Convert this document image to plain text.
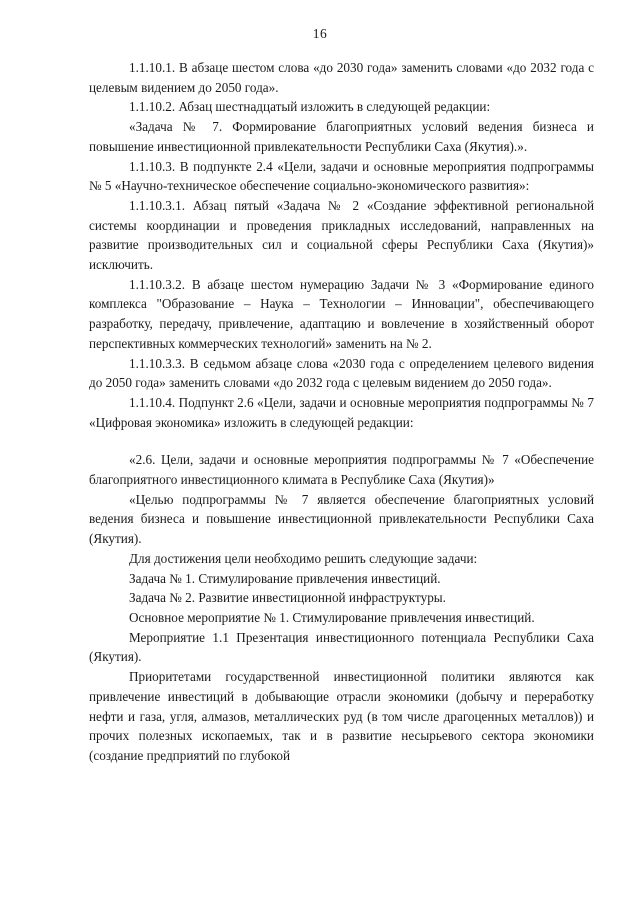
16

1.1.10.1. В абзаце шестом слова «до 2030 года» заменить словами «до 2032 года с целевым видением до 2050 года».

1.1.10.2. Абзац шестнадцатый изложить в следующей редакции:

«Задача № 7. Формирование благоприятных условий ведения бизнеса и повышение инвестиционной привлекательности Республики Саха (Якутия).».

1.1.10.3. В подпункте 2.4 «Цели, задачи и основные мероприятия подпрограммы № 5 «Научно-техническое обеспечение социально-экономического развития»:

1.1.10.3.1. Абзац пятый «Задача № 2 «Создание эффективной региональной системы координации и проведения прикладных исследований, направленных на развитие производительных сил и социальной сферы Республики Саха (Якутия)» исключить.

1.1.10.3.2. В абзаце шестом нумерацию Задачи № 3 «Формирование единого комплекса "Образование – Наука – Технологии – Инновации", обеспечивающего разработку, передачу, привлечение, адаптацию и вовлечение в хозяйственный оборот перспективных коммерческих технологий» заменить на № 2.

1.1.10.3.3. В седьмом абзаце слова «2030 года с определением целевого видения до 2050 года» заменить словами «до 2032 года с целевым видением до 2050 года».

1.1.10.4. Подпункт 2.6 «Цели, задачи и основные мероприятия подпрограммы № 7 «Цифровая экономика» изложить в следующей редакции:

«2.6. Цели, задачи и основные мероприятия подпрограммы № 7 «Обеспечение благоприятного инвестиционного климата в Республике Саха (Якутия)»

«Целью подпрограммы № 7 является обеспечение благоприятных условий ведения бизнеса и повышение инвестиционной привлекательности Республики Саха (Якутия).

Для достижения цели необходимо решить следующие задачи:

Задача № 1. Стимулирование привлечения инвестиций.

Задача № 2. Развитие инвестиционной инфраструктуры.

Основное мероприятие № 1. Стимулирование привлечения инвестиций.

Мероприятие 1.1 Презентация инвестиционного потенциала Республики Саха (Якутия).

Приоритетами государственной инвестиционной политики являются как привлечение инвестиций в добывающие отрасли экономики (добычу и переработку нефти и газа, угля, алмазов, металлических руд (в том числе драгоценных металлов)) и прочих полезных ископаемых, так и в развитие несырьевого сектора экономики (создание предприятий по глубокой
